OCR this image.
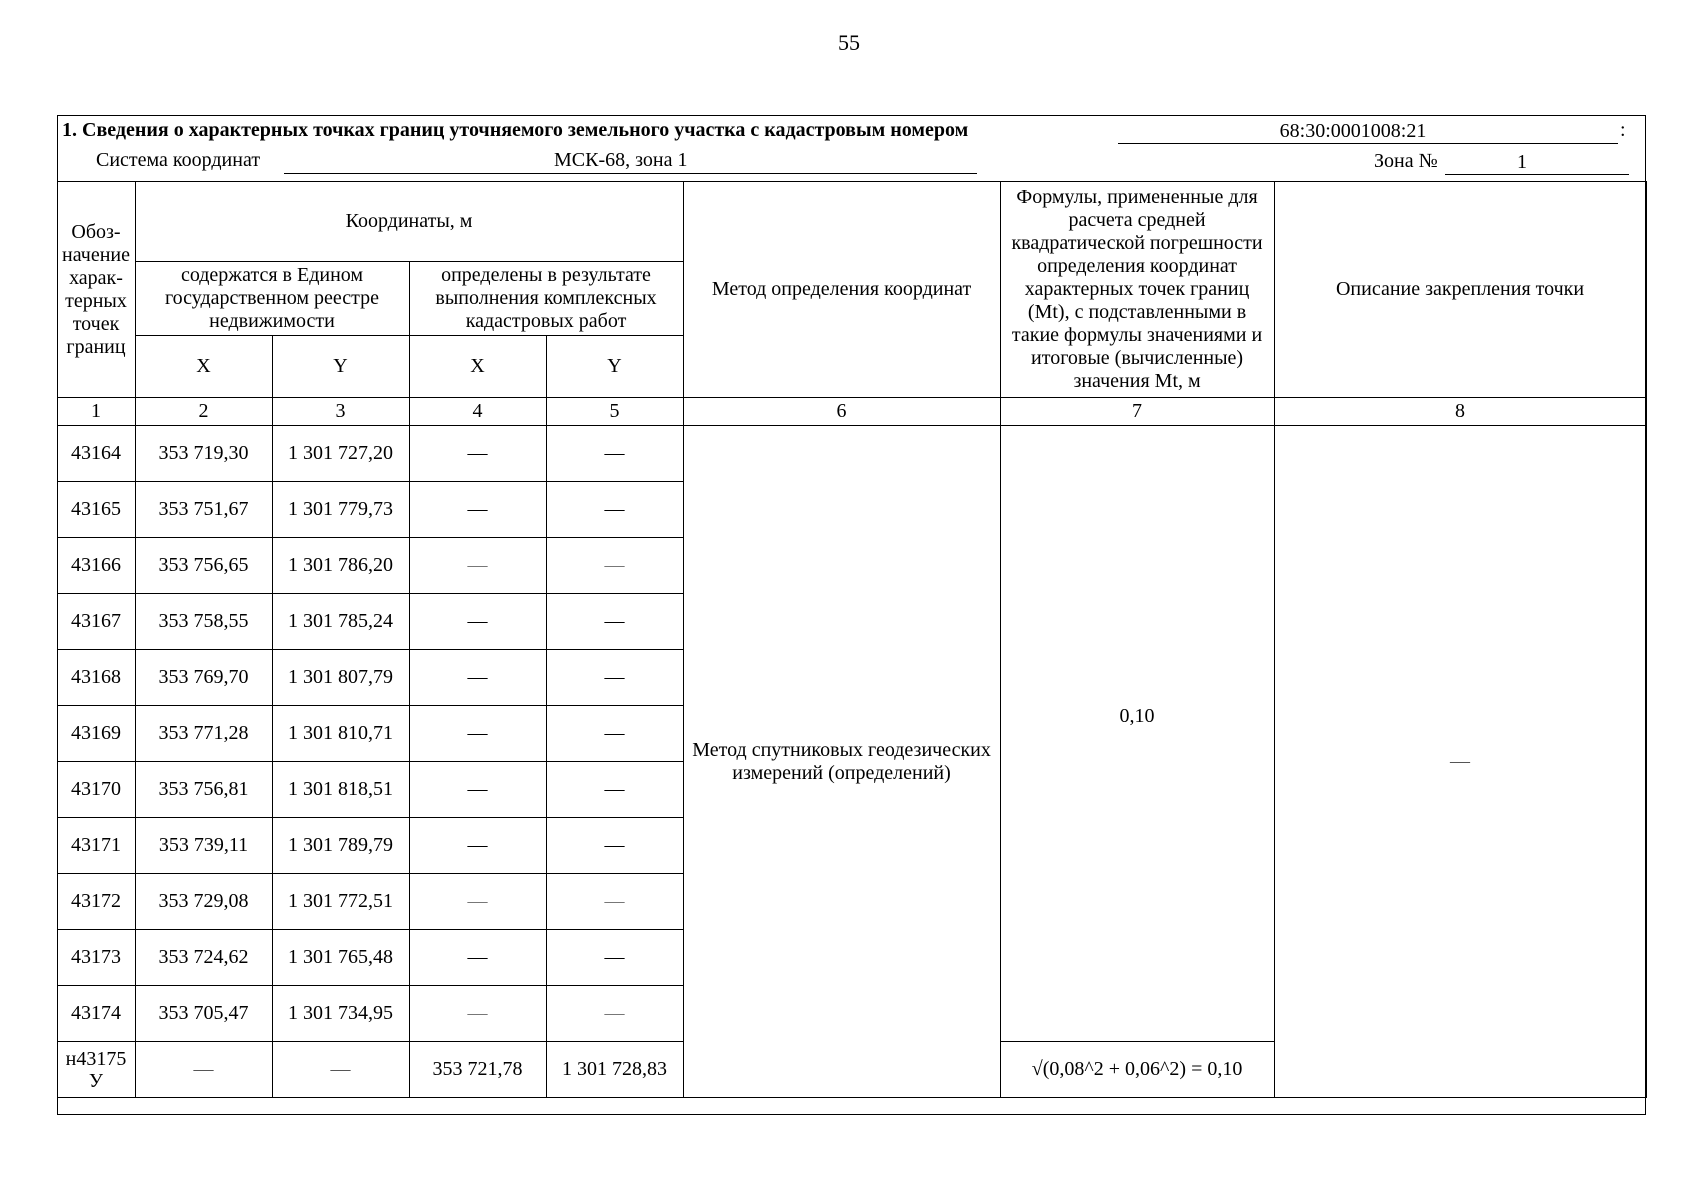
55
1. Сведения о характерных точках границ уточняемого земельного участка с кадастровым номером	68:30:0001008:21	:
Система координат	МСК-68, зона 1	Зона №	1
Обоз-начение харак-терных точек границ	Координаты, м				Метод определения координат	Формулы, примененные для расчета средней квадратической погрешности определения координат характерных точек границ (Mt), с подставленными в такие формулы значениями и итоговые (вычисленные) значения Mt, м	Описание закрепления точки
	содержатся в Едином государственном реестре недвижимости		определены в результате выполнения комплексных кадастровых работ				
	X	Y	X	Y			
1	2	3	4	5	6	7	8
43164	353 719,30	1 301 727,20	—	—	Метод спутниковых геодезических измерений (определений)	0,10	—
43165	353 751,67	1 301 779,73	—	—			
43166	353 756,65	1 301 786,20	—	—			
43167	353 758,55	1 301 785,24	—	—			
43168	353 769,70	1 301 807,79	—	—			
43169	353 771,28	1 301 810,71	—	—			
43170	353 756,81	1 301 818,51	—	—			
43171	353 739,11	1 301 789,79	—	—			
43172	353 729,08	1 301 772,51	—	—			
43173	353 724,62	1 301 765,48	—	—			
43174	353 705,47	1 301 734,95	—	—			
н43175 У	—	—	353 721,78	1 301 728,83		√(0,08^2 + 0,06^2) = 0,10	
